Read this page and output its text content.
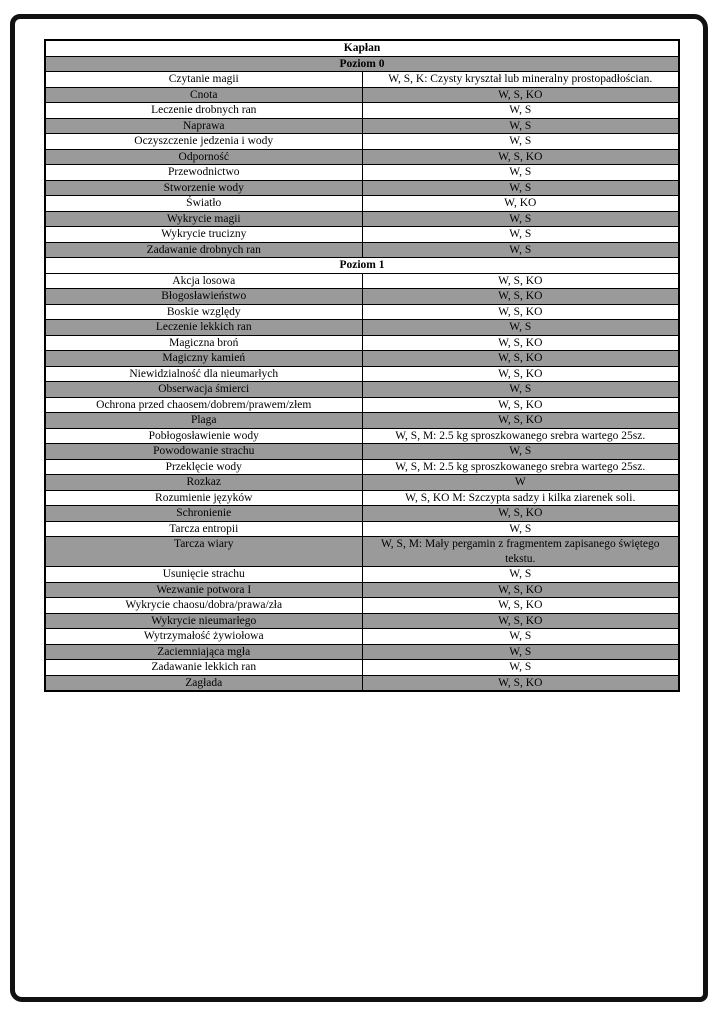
Kapłan	
Poziom 0	
Czytanie magii	W, S, K: Czysty kryształ lub mineralny prostopadłościan.
Cnota	W, S, KO
Leczenie drobnych ran	W, S
Naprawa	W, S
Oczyszczenie jedzenia i wody	W, S
Odporność	W, S, KO
Przewodnictwo	W, S
Stworzenie wody	W, S
Światło	W, KO
Wykrycie magii	W, S
Wykrycie trucizny	W, S
Zadawanie drobnych ran	W, S
Poziom 1	
Akcja losowa	W, S, KO
Błogosławieństwo	W, S, KO
Boskie względy	W, S, KO
Leczenie lekkich ran	W, S
Magiczna broń	W, S, KO
Magiczny kamień	W, S, KO
Niewidzialność dla nieumarłych	W, S, KO
Obserwacja śmierci	W, S
Ochrona przed chaosem/dobrem/prawem/złem	W, S, KO
Plaga	W, S, KO
Pobłogosławienie wody	W, S, M: 2.5 kg sproszkowanego srebra wartego 25sz.
Powodowanie strachu	W, S
Przeklęcie wody	W, S, M: 2.5 kg sproszkowanego srebra wartego 25sz.
Rozkaz	W
Rozumienie języków	W, S, KO M: Szczypta sadzy i kilka ziarenek soli.
Schronienie	W, S, KO
Tarcza entropii	W, S
Tarcza wiary	W, S, M: Mały pergamin z fragmentem zapisanego świętego tekstu.
Usunięcie strachu	W, S
Wezwanie potwora I	W, S, KO
Wykrycie chaosu/dobra/prawa/zła	W, S, KO
Wykrycie nieumarłego	W, S, KO
Wytrzymałość żywiołowa	W, S
Zaciemniająca mgła	W, S
Zadawanie lekkich ran	W, S
Zagłada	W, S, KO
